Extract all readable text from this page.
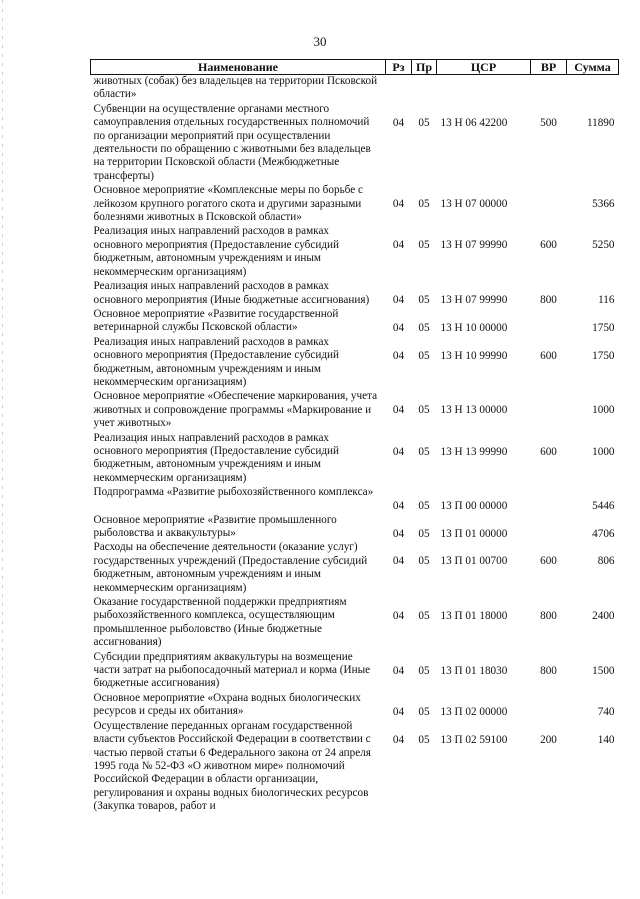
30
Наименование	Рз	Пр	ЦСР	ВР	Сумма
животных (собак) без владельцев на территории Псковской области»					
Субвенции на осуществление органами местного самоуправления отдельных государственных полномочий по организации мероприятий при осуществлении деятельности по обращению с животными без владельцев на территории Псковской области (Межбюджетные трансферты)	04	05	13 Н 06 42200	500	11890
Основное мероприятие «Комплексные меры по борьбе с лейкозом крупного рогатого скота и другими заразными болезнями животных в Псковской области»	04	05	13 Н 07 00000		5366
Реализация иных направлений расходов в рамках основного мероприятия (Предоставление субсидий бюджетным, автономным учреждениям и иным некоммерческим организациям)	04	05	13 Н 07 99990	600	5250
Реализация иных направлений расходов в рамках основного мероприятия (Иные бюджетные ассигнования)	04	05	13 Н 07 99990	800	116
Основное мероприятие «Развитие государственной ветеринарной службы Псковской области»	04	05	13 Н 10 00000		1750
Реализация иных направлений расходов в рамках основного мероприятия (Предоставление субсидий бюджетным, автономным учреждениям и иным некоммерческим организациям)	04	05	13 Н 10 99990	600	1750
Основное мероприятие «Обеспечение маркирования, учета животных и сопровождение программы «Маркирование и учет животных»	04	05	13 Н 13 00000		1000
Реализация иных направлений расходов в рамках основного мероприятия (Предоставление субсидий бюджетным, автономным учреждениям и иным некоммерческим организациям)	04	05	13 Н 13 99990	600	1000
Подпрограмма «Развитие рыбохозяйственного комплекса»	04	05	13 П 00 00000		5446
Основное мероприятие «Развитие промышленного рыболовства и аквакультуры»	04	05	13 П 01 00000		4706
Расходы на обеспечение деятельности (оказание услуг) государственных учреждений (Предоставление субсидий бюджетным, автономным учреждениям и иным некоммерческим организациям)	04	05	13 П 01 00700	600	806
Оказание государственной поддержки предприятиям рыбохозяйственного комплекса, осуществляющим промышленное рыболовство (Иные бюджетные ассигнования)	04	05	13 П 01 18000	800	2400
Субсидии предприятиям аквакультуры на возмещение части затрат на рыбопосадочный материал и корма (Иные бюджетные ассигнования)	04	05	13 П 01 18030	800	1500
Основное мероприятие «Охрана водных биологических ресурсов и среды их обитания»	04	05	13 П 02 00000		740
Осуществление переданных органам государственной власти субъектов Российской Федерации в соответствии с частью первой статьи 6 Федерального закона от 24 апреля 1995 года № 52-ФЗ «О животном мире» полномочий Российской Федерации в области организации, регулирования и охраны водных биологических ресурсов (Закупка товаров, работ и	04	05	13 П 02 59100	200	140
